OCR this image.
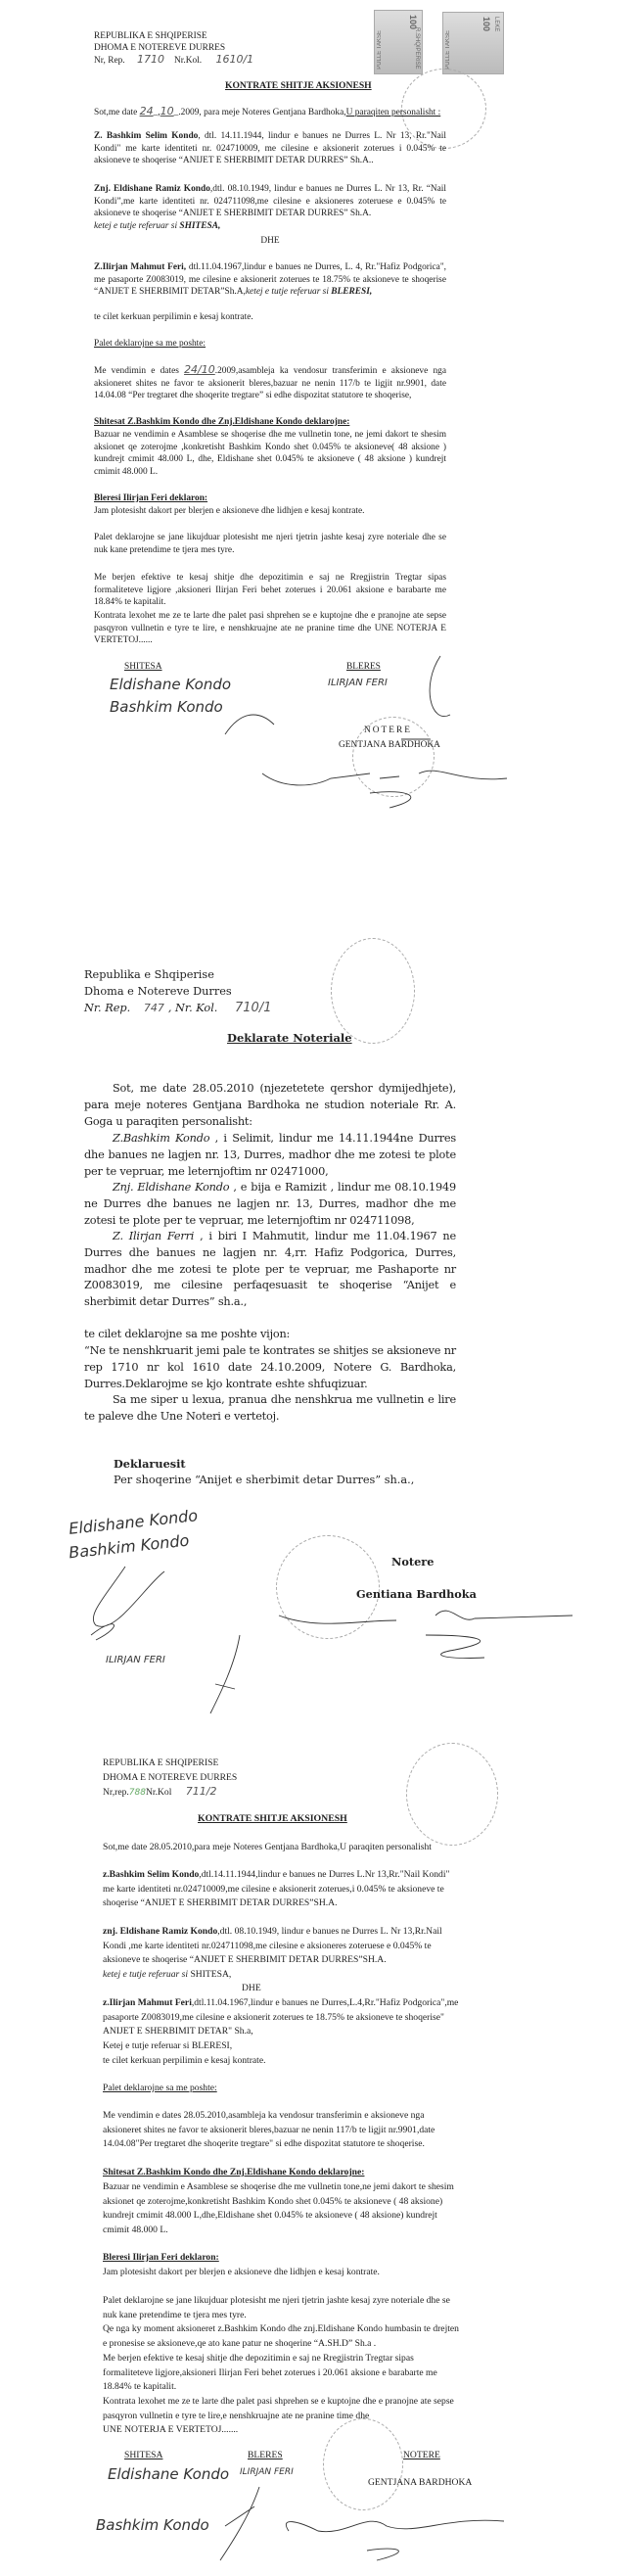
PULLE TAKSE
100
R.SHQIPERISE	PULLE TAKSE
100 LEKE
REPUBLIKA E SHQIPERISE
DHOMA E NOTEREVE DURRES
Nr, Rep. 1710 Nr.Kol. 1610/1
KONTRATE SHITJE AKSIONESH
Sot,me date 24_,10_.2009, para meje Noteres Gentjana Bardhoka,U paraqiten personalisht :
Z. Bashkim Selim Kondo, dtl. 14.11.1944, lindur e banues ne Durres L. Nr 13, Rr."Nail Kondi" me karte identiteti nr. 024710009, me cilesine e aksionerit zoterues i 0.045% te aksioneve te shoqerise “ANIJET E SHERBIMIT DETAR DURRES” Sh.A..
Znj. Eldishane Ramiz Kondo,dtl. 08.10.1949, lindur e banues ne Durres L. Nr 13, Rr. “Nail Kondi”,me karte identiteti nr. 024711098,me cilesine e aksioneres zoteruese e 0.045% te aksioneve te shoqerise “ANIJET E SHERBIMIT DETAR DURRES” Sh.A.
ketej e tutje referuar si SHITESA,
DHE
Z.Ilirjan Mahmut Feri, dtl.11.04.1967,lindur e banues ne Durres, L. 4, Rr."Hafiz Podgorica", me pasaporte Z0083019, me cilesine e aksionerit zoterues te 18.75% te aksioneve te shoqerise “ANIJET E SHERBIMIT DETAR”Sh.A,ketej e tutje referuar si BLERESI,
te cilet kerkuan perpilimin e kesaj kontrate.
Palet deklarojne sa me poshte:
Me vendimin e dates 24/10.2009,asambleja ka vendosur transferimin e aksioneve nga aksioneret shites ne favor te aksionerit bleres,bazuar ne nenin 117/b te ligjit nr.9901, date 14.04.08 “Per tregtaret dhe shoqerite tregtare” si edhe dispozitat statutore te shoqerise,
Shitesat Z.Bashkim Kondo dhe Znj.Eldishane Kondo deklarojne:
Bazuar ne vendimin e Asamblese se shoqerise dhe me vullnetin tone, ne jemi dakort te shesim aksionet qe zoterojme ,konkretisht Bashkim Kondo shet 0.045% te aksioneve( 48 aksione ) kundrejt cmimit 48.000 L, dhe, Eldishane shet 0.045% te aksioneve ( 48 aksione ) kundrejt cmimit 48.000 L.
Bleresi Ilirjan Feri deklaron:
Jam plotesisht dakort per blerjen e aksioneve dhe lidhjen e kesaj kontrate.
Palet deklarojne se jane likujduar plotesisht me njeri tjetrin jashte kesaj zyre noteriale dhe se nuk kane pretendime te tjera mes tyre.
Me berjen efektive te kesaj shitje dhe depozitimin e saj ne Rregjistrin Tregtar sipas formaliteteve ligjore ,aksioneri Ilirjan Feri behet zoterues i 20.061 aksione e barabarte me 18.84% te kapitalit.
Kontrata lexohet me ze te larte dhe palet pasi shprehen se e kuptojne dhe e pranojne ate sepse pasqyron vullnetin e tyre te lire, e nenshkruajne ate ne pranine time dhe UNE NOTERJA E VERTETOJ......
SHITESA	BLERES
Eldishane Kondo
Bashkim Kondo
ILIRJAN FERI
NOTERE
GENTJANA BARDHOKA
Republika e Shqiperise
Dhoma e Noterеve Durres
Nr. Rep. 747 , Nr. Kol. 710/1
Deklarate Noteriale
Sot, me date 28.05.2010 (njezetetete qershor dymijedhjete), para meje noteres Gentjana Bardhoka ne studion noteriale Rr. A. Goga u paraqiten personalisht:
Z.Bashkim Kondo , i Selimit, lindur me 14.11.1944ne Durres dhe banues ne lagjen nr. 13, Durres, madhor dhe me zotesi te plote per te vepruar, me leternjoftim nr 02471000,
Znj. Eldishane Kondo , e bija e Ramizit , lindur me 08.10.1949 ne Durres dhe banues ne lagjen nr. 13, Durres, madhor dhe me zotesi te plote per te vepruar, me leternjoftim nr 024711098,
Z. Ilirjan Ferri , i biri I Mahmutit, lindur me 11.04.1967 ne Durres dhe banues ne lagjen nr. 4,rr. Hafiz Podgorica, Durres, madhor dhe me zotesi te plote per te vepruar, me Pashaporte nr Z0083019, me cilesine perfaqesuasit te shoqerise “Anijet e sherbimit detar Durres” sh.a.,
te cilet deklarojne sa me poshte vijon:
“Ne te nenshkruarit jemi pale te kontrates se shitjes se aksioneve nr rep 1710 nr kol 1610 date 24.10.2009, Notere G. Bardhoka, Durres.Deklarojme se kjo kontrate eshte shfuqizuar.
Sa me siper u lexua, pranua dhe nenshkrua me vullnetin e lire te paleve dhe Une Noteri e vertetoj.
Deklaruesit
Per shoqerine “Anijet e sherbimit detar Durres” sh.a.,
Eldishane Kondo
Bashkim Kondo
ILIRJAN FERI
Notere
Gentiana Bardhoka
REPUBLIKA E SHQIPERISE
DHOMA E NOTEREVE DURRES
Nr,rep.788Nr.Kol 711/2
KONTRATE SHITJE AKSIONESH
Sot,me date 28.05.2010,para meje Noteres Gentjana Bardhoka,U paraqiten personalisht
z.Bashkim Selim Kondo,dtl.14.11.1944,lindur e banues ne Durres L.Nr 13,Rr."Nail Kondi" me karte identiteti nr.024710009,me cilesine e aksionerit zoterues,i 0.045% te aksioneve te shoqerise “ANIJET E SHERBIMIT DETAR DURRES”SH.A.
znj. Eldishane Ramiz Kondo,dtl. 08.10.1949, lindur e banues ne Durres L. Nr 13,Rr.Nail Kondi ,me karte identiteti nr.024711098,me cilesine e aksioneres zoteruese e 0.045% te aksioneve te shoqerise “ANIJET E SHERBIMIT DETAR DURRES”SH.A.
ketej e tutje referuar si SHITESA,
DHE
z.Ilirjan Mahmut Feri,dtl.11.04.1967,lindur e banues ne Durres,L.4,Rr."Hafiz Podgorica",me pasaporte Z0083019,me cilesine e aksionerit zoterues te 18.75% te aksioneve te shoqerise" ANIJET E SHERBIMIT DETAR" Sh.a,
Ketej e tutje referuar si BLERESI,
te cilet kerkuan perpilimin e kesaj kontrate.
Palet deklarojne sa me poshte:
Me vendimin e dates 28.05.2010,asambleja ka vendosur transferimin e aksioneve nga aksioneret shites ne favor te aksionerit bleres,bazuar ne nenin 117/b te ligjit nr.9901,date 14.04.08"Per tregtaret dhe shoqerite tregtare" si edhe dispozitat statutore te shoqerise.
Shitesat Z.Bashkim Kondo dhe Znj.Eldishane Kondo deklarojne:
Bazuar ne vendimin e Asamblese se shoqerise dhe me vullnetin tone,ne jemi dakort te shesim aksionet qe zoterojme,konkretisht Bashkim Kondo shet 0.045% te aksioneve ( 48 aksione) kundrejt cmimit 48.000 L,dhe,Eldishane shet 0.045% te aksioneve ( 48 aksione) kundrejt cmimit 48.000 L.
Bleresi Ilirjan Feri deklaron:
Jam plotesisht dakort per blerjen e aksioneve dhe lidhjen e kesaj kontrate.
Palet deklarojne se jane likujduar plotesisht me njeri tjetrin jashte kesaj zyre noteriale dhe se nuk kane pretendime te tjera mes tyre.
Qe nga ky moment aksioneret z.Bashkim Kondo dhe znj.Eldishane Kondo humbasin te drejten e pronesise se aksioneve,qe ato kane patur ne shoqerine “A.SH.D” Sh.a .
Me berjen efektive te kesaj shitje dhe depozitimin e saj ne Rregjistrin Tregtar sipas formaliteteve ligjore,aksioneri Ilirjan Feri behet zoterues i 20.061 aksione e barabarte me 18.84% te kapitalit.
Kontrata lexohet me ze te larte dhe palet pasi shprehen se e kuptojne dhe e pranojne ate sepse pasqyron vullnetin e tyre te lire,e nenshkruajne ate ne pranine time dhe
UNE NOTERJA E VERTETOJ.......
SHITESA	BLERES	NOTERE
GENTJANA BARDHOKA
Eldishane Kondo
Bashkim Kondo
ILIRJAN FERI
